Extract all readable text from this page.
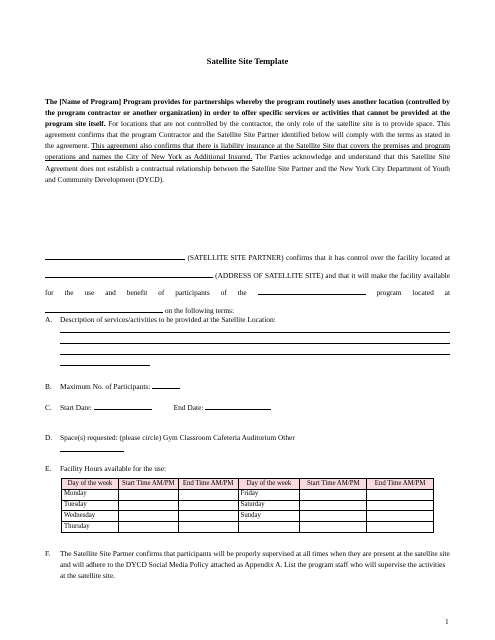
Satellite Site Template
The [Name of Program] Program provides for partnerships whereby the program routinely uses another location (controlled by the program contractor or another organization) in order to offer specific services or activities that cannot be provided at the program site itself. For locations that are not controlled by the contractor, the only role of the satellite site is to provide space. This agreement confirms that the program Contractor and the Satellite Site Partner identified below will comply with the terms as stated in the agreement. This agreement also confirms that there is liability insurance at the Satellite Site that covers the premises and program operations and names the City of New York as Additional Insured. The Parties acknowledge and understand that this Satellite Site Agreement does not establish a contractual relationship between the Satellite Site Partner and the New York City Department of Youth and Community Development (DYCD).
(SATELLITE SITE PARTNER) confirms that it has control over the facility located at  (ADDRESS OF SATELLITE SITE) and that it will make the facility available for the use and benefit of participants of the	program located at  on the following terms:
A. Description of services/activities to be provided at the Satellite Location:
B. Maximum No. of Participants:
C. Start Date:	End Date:
D. Space(s) requested: (please circle) Gym Classroom Cafeteria Auditorium Other
E. Facility Hours available for the use:
Day of the week	Start Time AM/PM	End Time AM/PM	Day of the week	Start Time AM/PM	End Time AM/PM
Monday			Friday		
Tuesday			Saturday		
Wednesday			Sunday		
Thursday					
F. The Satellite Site Partner confirms that participants will be properly supervised at all times when they are present at the satellite site and will adhere to the DYCD Social Media Policy attached as Appendix A. List the program staff who will supervise the activities at the satellite site.
1
